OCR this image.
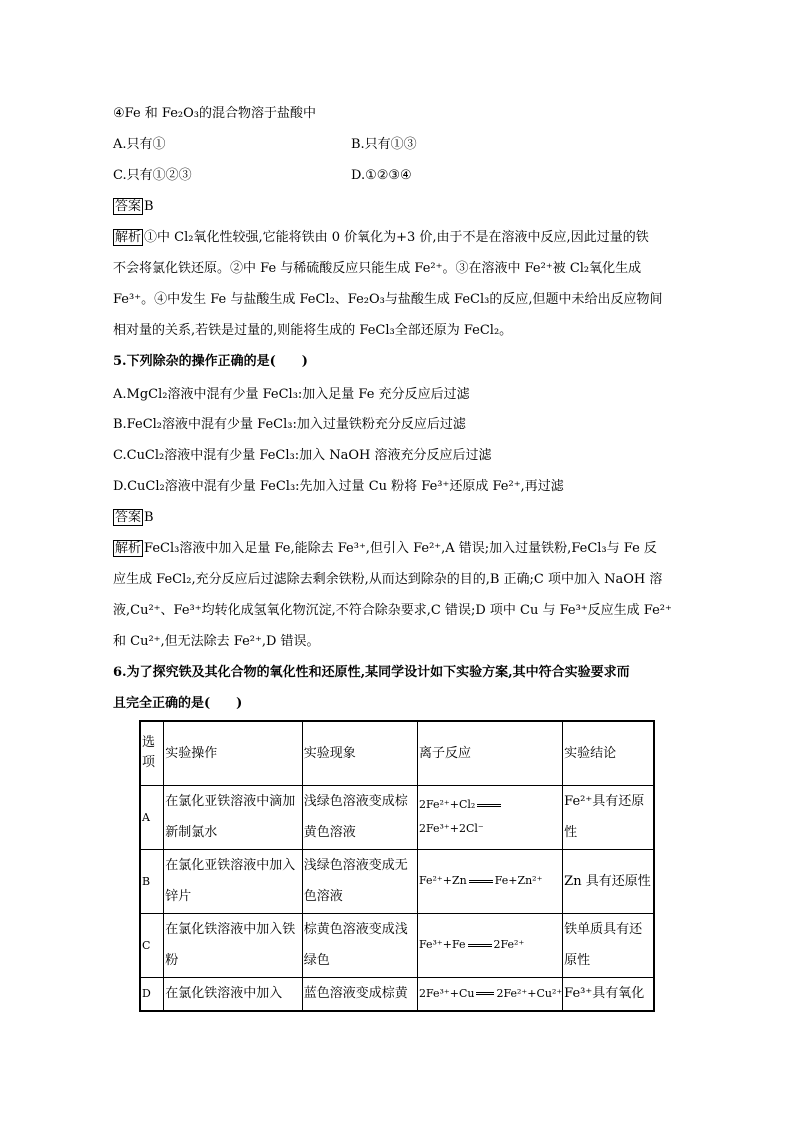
④Fe 和 Fe₂O₃的混合物溶于盐酸中
A.只有①	B.只有①③
C.只有①②③	D.①②③④
答案 B
解析 ①中 Cl₂氧化性较强,它能将铁由 0 价氧化为+3 价,由于不是在溶液中反应,因此过量的铁
不会将氯化铁还原。②中 Fe 与稀硫酸反应只能生成 Fe²⁺。③在溶液中 Fe²⁺被 Cl₂氧化生成
Fe³⁺。④中发生 Fe 与盐酸生成 FeCl₂、Fe₂O₃与盐酸生成 FeCl₃的反应,但题中未给出反应物间
相对量的关系,若铁是过量的,则能将生成的 FeCl₃全部还原为 FeCl₂。
5.下列除杂的操作正确的是(　　)
A.MgCl₂溶液中混有少量 FeCl₃:加入足量 Fe 充分反应后过滤
B.FeCl₂溶液中混有少量 FeCl₃:加入过量铁粉充分反应后过滤
C.CuCl₂溶液中混有少量 FeCl₃:加入 NaOH 溶液充分反应后过滤
D.CuCl₂溶液中混有少量 FeCl₃:先加入过量 Cu 粉将 Fe³⁺还原成 Fe²⁺,再过滤
答案 B
解析 FeCl₃溶液中加入足量 Fe,能除去 Fe³⁺,但引入 Fe²⁺,A 错误;加入过量铁粉,FeCl₃与 Fe 反
应生成 FeCl₂,充分反应后过滤除去剩余铁粉,从而达到除杂的目的,B 正确;C 项中加入 NaOH 溶
液,Cu²⁺、Fe³⁺均转化成氢氧化物沉淀,不符合除杂要求,C 错误;D 项中 Cu 与 Fe³⁺反应生成 Fe²⁺
和 Cu²⁺,但无法除去 Fe²⁺,D 错误。
6.为了探究铁及其化合物的氧化性和还原性,某同学设计如下实验方案,其中符合实验要求而
且完全正确的是(　　)
选项	实验操作	实验现象	离子反应	实验结论
A	在氯化亚铁溶液中滴加新制氯水	浅绿色溶液变成棕黄色溶液	2Fe²⁺+Cl₂
2Fe³⁺+2Cl⁻	Fe²⁺具有还原性
B	在氯化亚铁溶液中加入锌片	浅绿色溶液变成无色溶液	Fe²⁺+Zn Fe+Zn²⁺	Zn 具有还原性
C	在氯化铁溶液中加入铁粉	棕黄色溶液变成浅绿色	Fe³⁺+Fe 2Fe²⁺	铁单质具有还原性
D	在氯化铁溶液中加入	蓝色溶液变成棕黄	2Fe³⁺+Cu 2Fe²⁺+Cu²⁺	Fe³⁺具有氧化
